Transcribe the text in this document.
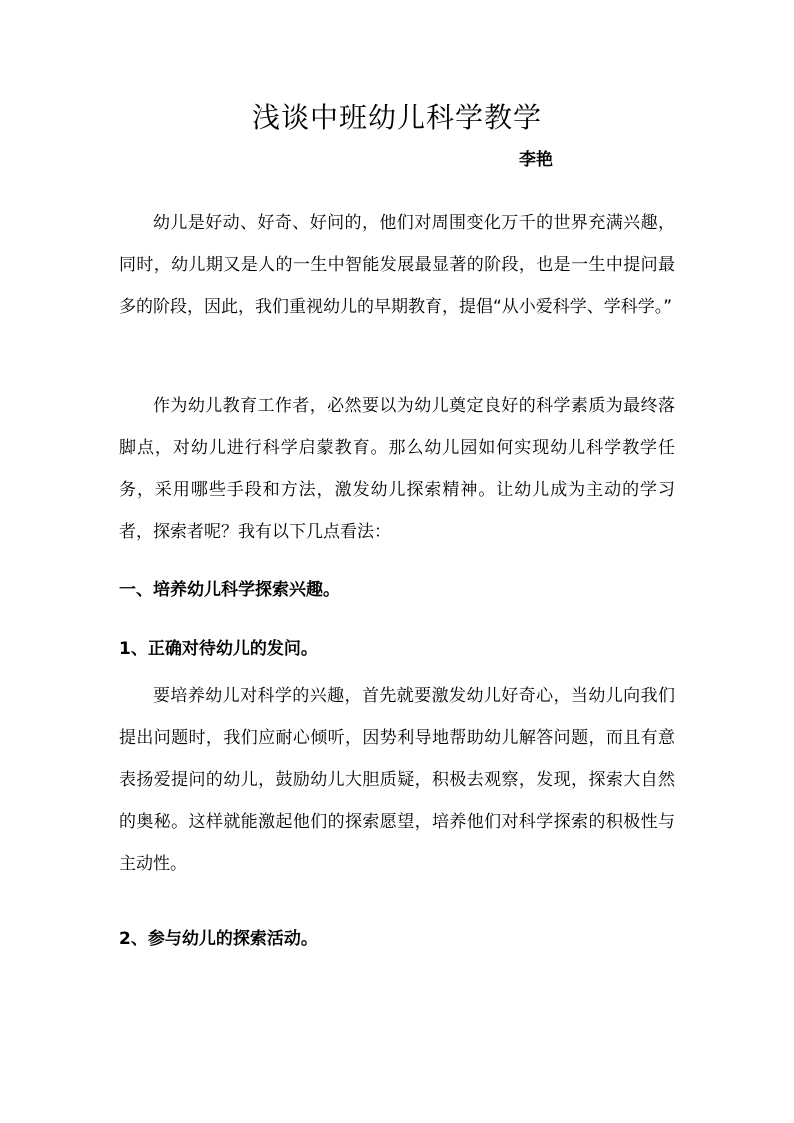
浅谈中班幼儿科学教学
李艳

幼儿是好动、好奇、好问的，他们对周围变化万千的世界充满兴趣，同时，幼儿期又是人的一生中智能发展最显著的阶段，也是一生中提问最多的阶段，因此，我们重视幼儿的早期教育，提倡“从小爱科学、学科学。”

作为幼儿教育工作者，必然要以为幼儿奠定良好的科学素质为最终落脚点，对幼儿进行科学启蒙教育。那么幼儿园如何实现幼儿科学教学任务，采用哪些手段和方法，激发幼儿探索精神。让幼儿成为主动的学习者，探索者呢？我有以下几点看法：

一、培养幼儿科学探索兴趣。
1、正确对待幼儿的发问。

要培养幼儿对科学的兴趣，首先就要激发幼儿好奇心，当幼儿向我们提出问题时，我们应耐心倾听，因势利导地帮助幼儿解答问题，而且有意表扬爱提问的幼儿，鼓励幼儿大胆质疑，积极去观察，发现，探索大自然的奥秘。这样就能激起他们的探索愿望，培养他们对科学探索的积极性与主动性。

2、参与幼儿的探索活动。
